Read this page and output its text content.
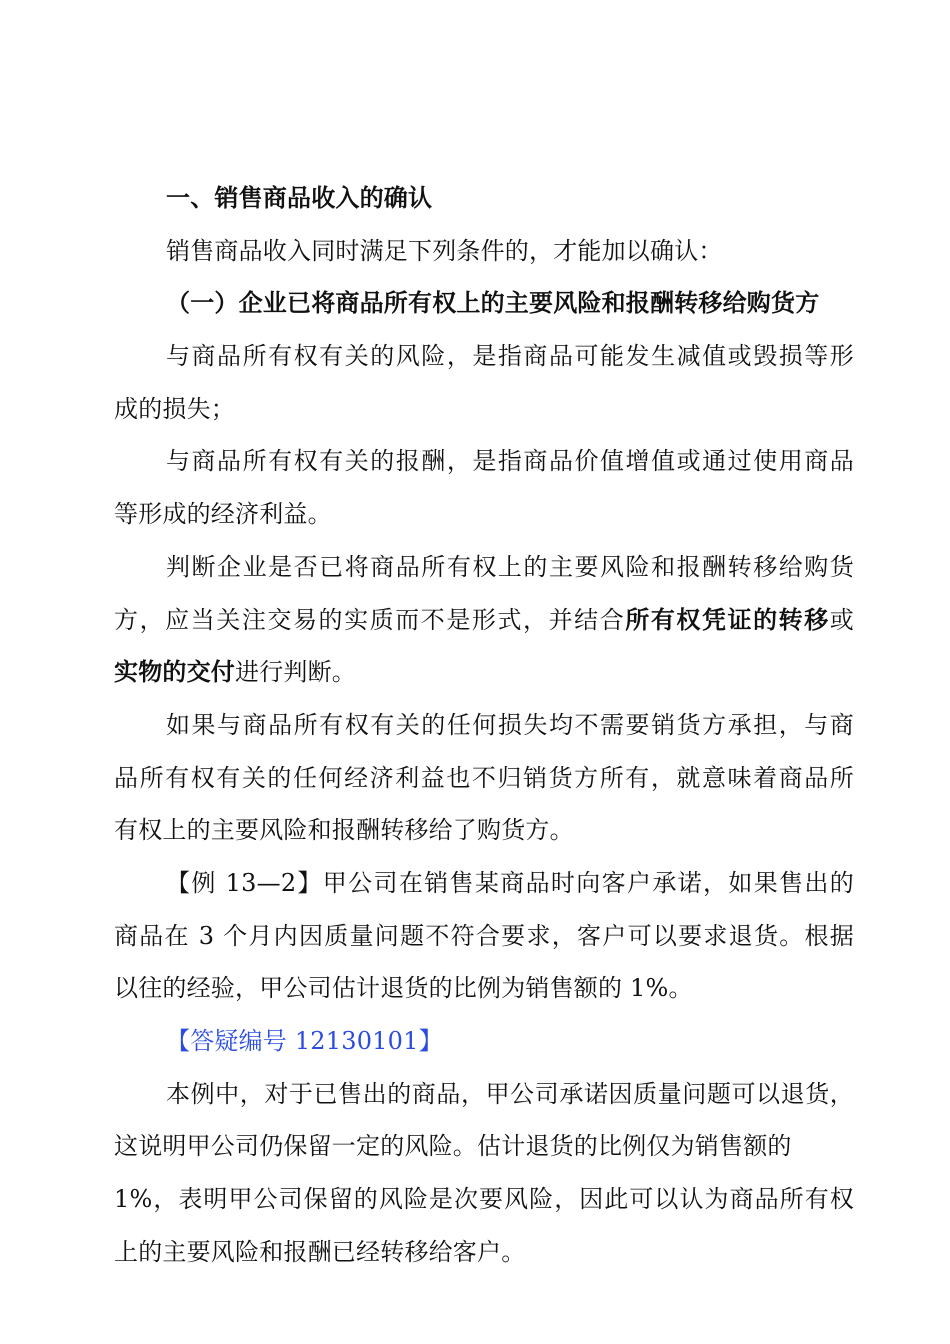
一、销售商品收入的确认
销售商品收入同时满足下列条件的，才能加以确认：
（一）企业已将商品所有权上的主要风险和报酬转移给购货方
与商品所有权有关的风险，是指商品可能发生减值或毁损等形
成的损失；
与商品所有权有关的报酬，是指商品价值增值或通过使用商品
等形成的经济利益。
判断企业是否已将商品所有权上的主要风险和报酬转移给购货
方，应当关注交易的实质而不是形式，并结合所有权凭证的转移或
实物的交付进行判断。
如果与商品所有权有关的任何损失均不需要销货方承担，与商
品所有权有关的任何经济利益也不归销货方所有，就意味着商品所
有权上的主要风险和报酬转移给了购货方。
【例 13—2】甲公司在销售某商品时向客户承诺，如果售出的
商品在 3 个月内因质量问题不符合要求，客户可以要求退货。根据
以往的经验，甲公司估计退货的比例为销售额的 1%。
【答疑编号 12130101】
本例中，对于已售出的商品，甲公司承诺因质量问题可以退货，
这说明甲公司仍保留一定的风险。估计退货的比例仅为销售额的
1%，表明甲公司保留的风险是次要风险，因此可以认为商品所有权
上的主要风险和报酬已经转移给客户。
